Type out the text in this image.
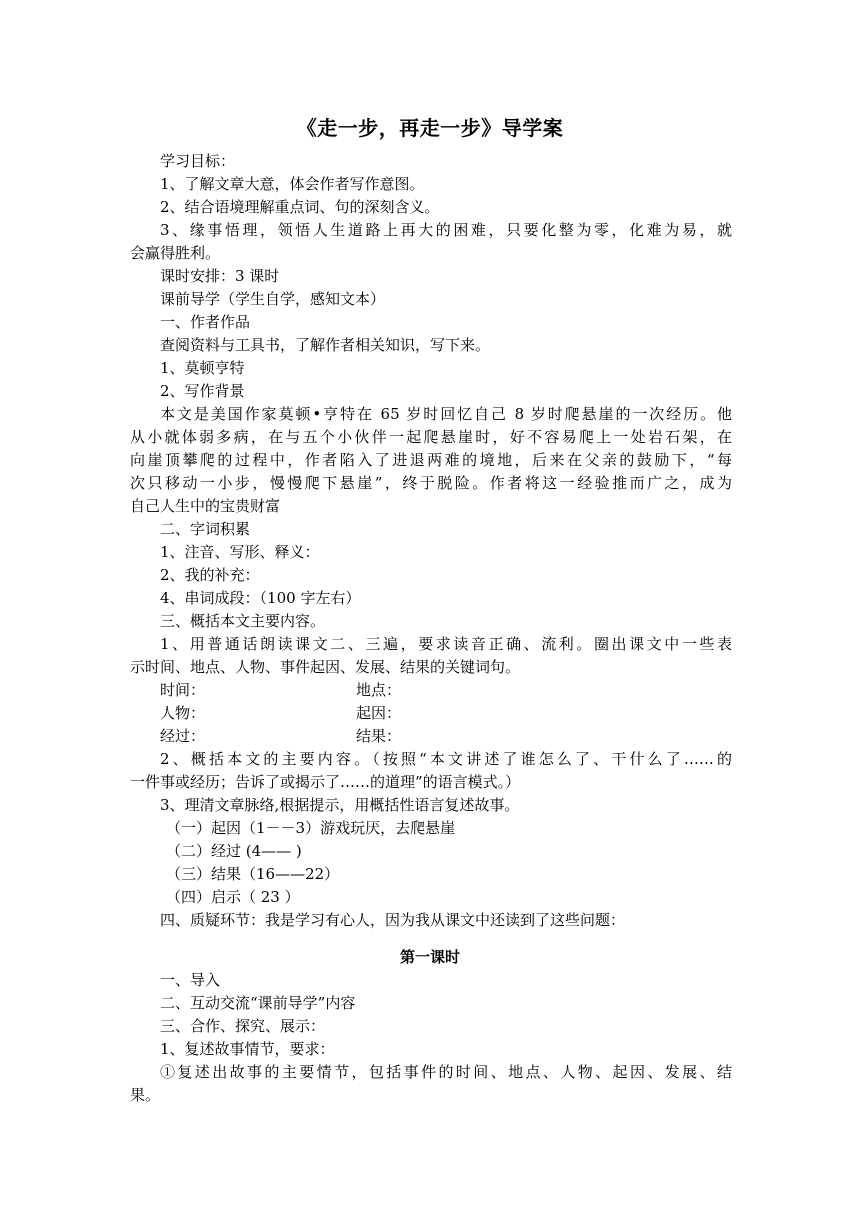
《走一步，再走一步》导学案
学习目标：
1、了解文章大意，体会作者写作意图。
2、结合语境理解重点词、句的深刻含义。
3、缘事悟理，领悟人生道路上再大的困难，只要化整为零，化难为易，就
会赢得胜利。
课时安排：3 课时
课前导学（学生自学，感知文本）
一、作者作品
查阅资料与工具书，了解作者相关知识，写下来。
1、莫顿亨特
2、写作背景
本文是美国作家莫顿•亨特在 65 岁时回忆自己 8 岁时爬悬崖的一次经历。他
从小就体弱多病，在与五个小伙伴一起爬悬崖时，好不容易爬上一处岩石架，在
向崖顶攀爬的过程中，作者陷入了进退两难的境地，后来在父亲的鼓励下，“每
次只移动一小步，慢慢爬下悬崖”，终于脱险。作者将这一经验推而广之，成为
自己人生中的宝贵财富
二、字词积累
1、注音、写形、释义：
2、我的补充：
4、串词成段：（100 字左右）
三、概括本文主要内容。
1、用普通话朗读课文二、三遍，要求读音正确、流利。圈出课文中一些表
示时间、地点、人物、事件起因、发展、结果的关键词句。
时间：	地点：
人物：	起因：
经过：	结果：
2、概括本文的主要内容。（按照“本文讲述了谁怎么了、干什么了……的
一件事或经历；告诉了或揭示了……的道理”的语言模式。）
3、理清文章脉络,根据提示，用概括性语言复述故事。
（一）起因（1－－3）游戏玩厌，去爬悬崖
（二）经过 (4—— )
（三）结果（16——22）
（四）启示（ 23 ）
四、质疑环节：我是学习有心人，因为我从课文中还读到了这些问题：
第一课时
一、导入
二、互动交流“课前导学”内容
三、合作、探究、展示：
1、复述故事情节，要求：
①复述出故事的主要情节，包括事件的时间、地点、人物、起因、发展、结
果。
